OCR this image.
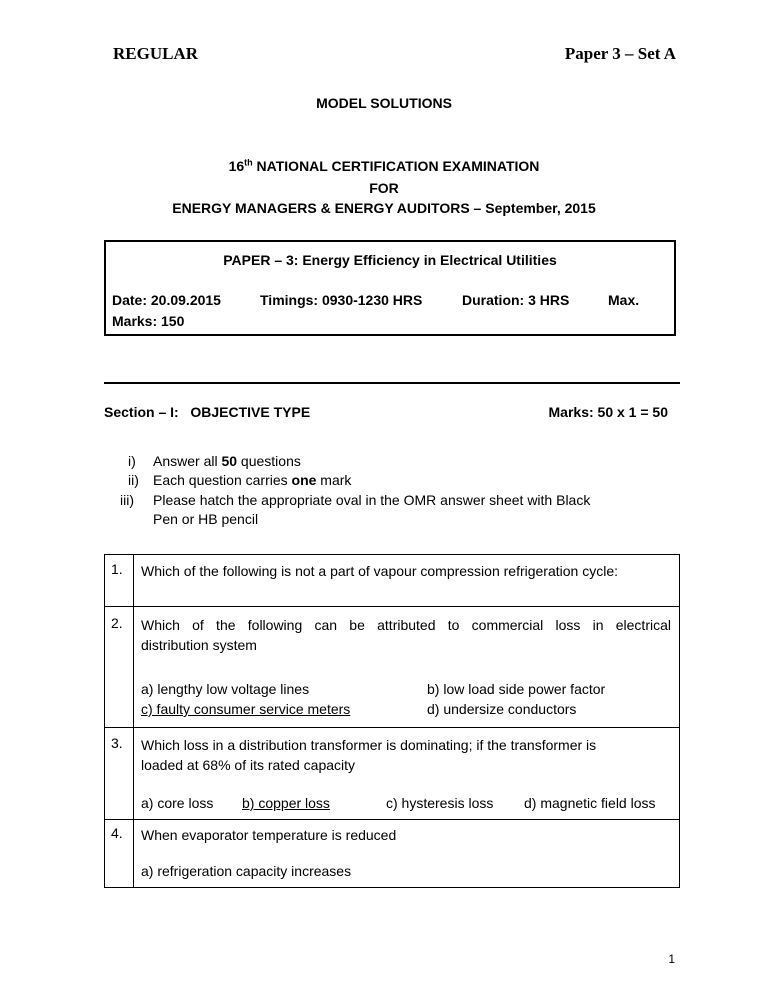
REGULAR	Paper 3 – Set A
MODEL SOLUTIONS
16th NATIONAL CERTIFICATION EXAMINATION
FOR
ENERGY MANAGERS & ENERGY AUDITORS – September, 2015
PAPER – 3: Energy Efficiency in Electrical Utilities
Date: 20.09.2015	Timings: 0930-1230 HRS	Duration: 3 HRS	Max.
Marks: 150
Section – I:   OBJECTIVE TYPE	Marks: 50 x 1 = 50
i) Answer all 50 questions
ii) Each question carries one mark
iii) Please hatch the appropriate oval in the OMR answer sheet with Black
Pen or HB pencil
1. Which of the following is not a part of vapour compression refrigeration cycle:
2. Which of the following can be attributed to commercial loss in electrical
distribution system
a) lengthy low voltage lines	b) low load side power factor
c) faulty consumer service meters	d) undersize conductors
3. Which loss in a distribution transformer is dominating; if the transformer is
loaded at 68% of its rated capacity
a) core loss b) copper loss	c) hysteresis loss d) magnetic field loss
4. When evaporator temperature is reduced
a) refrigeration capacity increases
1
